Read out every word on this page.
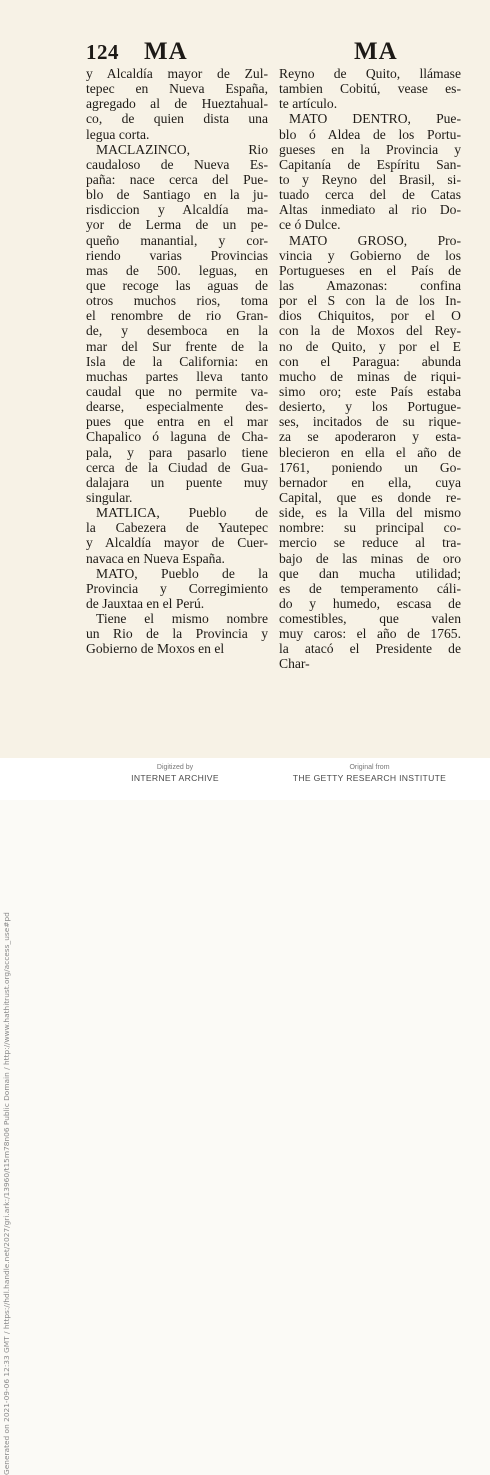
124 MA	MA
y Alcaldía mayor de Zul-
tepec en Nueva España,
agregado al de Hueztahual-
co, de quien dista una
legua corta.
MACLAZINCO, Rio
caudaloso de Nueva Es-
paña: nace cerca del Pue-
blo de Santiago en la ju-
risdiccion y Alcaldía ma-
yor de Lerma de un pe-
queño manantial, y cor-
riendo varias Provincias
mas de 500. leguas, en
que recoge las aguas de
otros muchos rios, toma
el renombre de rio Gran-
de, y desemboca en la
mar del Sur frente de la
Isla de la California: en
muchas partes lleva tanto
caudal que no permite va-
dearse, especialmente des-
pues que entra en el mar
Chapalico ó laguna de Cha-
pala, y para pasarlo tiene
cerca de la Ciudad de Gua-
dalajara un puente muy
singular.
MATLICA, Pueblo de
la Cabezera de Yautepec
y Alcaldía mayor de Cuer-
navaca en Nueva España.
MATO, Pueblo de la
Provincia y Corregimiento
de Jauxtaa en el Perú.
Tiene el mismo nombre
un Rio de la Provincia y
Gobierno de Moxos en el
Reyno de Quito, llámase
tambien Cobitú, vease es-
te artículo.
MATO DENTRO, Pue-
blo ó Aldea de los Portu-
gueses en la Provincia y
Capitanía de Espíritu San-
to y Reyno del Brasil, si-
tuado cerca del de Catas
Altas inmediato al rio Do-
ce ó Dulce.
MATO GROSO, Pro-
vincia y Gobierno de los
Portugueses en el País de
las Amazonas: confina
por el S con la de los In-
dios Chiquitos, por el O
con la de Moxos del Rey-
no de Quito, y por el E
con el Paragua: abunda
mucho de minas de riqui-
simo oro; este País estaba
desierto, y los Portugue-
ses, incitados de su rique-
za se apoderaron y esta-
blecieron en ella el año de
1761, poniendo un Go-
bernador en ella, cuya
Capital, que es donde re-
side, es la Villa del mismo
nombre: su principal co-
mercio se reduce al tra-
bajo de las minas de oro
que dan mucha utilidad;
es de temperamento cáli-
do y humedo, escasa de
comestibles, que valen
muy caros: el año de 1765.
la atacó el Presidente de
Char-
Generated on 2021-09-06 12:33 GMT / https://hdl.handle.net/2027/gri.ark:/13960/t15m78n06 Public Domain / http://www.hathitrust.org/access_use#pd
Digitized by
INTERNET ARCHIVE
Original from
THE GETTY RESEARCH INSTITUTE
